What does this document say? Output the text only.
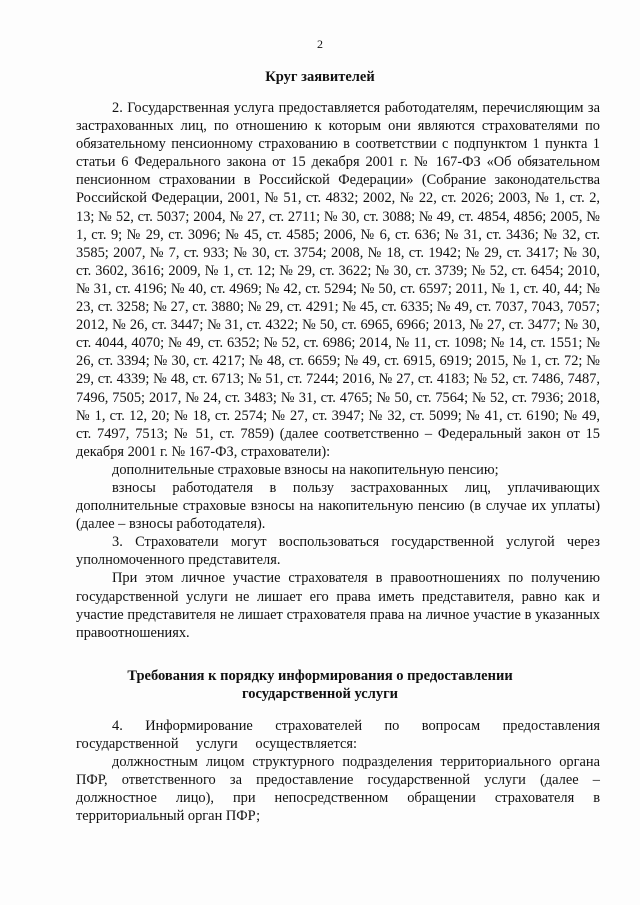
2
Круг заявителей

2. Государственная услуга предоставляется работодателям, перечисляющим за застрахованных лиц, по отношению к которым они являются страхователями по обязательному пенсионному страхованию в соответствии с подпунктом 1 пункта 1 статьи 6 Федерального закона от 15 декабря 2001 г. № 167-ФЗ «Об обязательном пенсионном страховании в Российской Федерации» (Собрание законодательства Российской Федерации, 2001, № 51, ст. 4832; 2002, № 22, ст. 2026; 2003, № 1, ст. 2, 13; № 52, ст. 5037; 2004, № 27, ст. 2711; № 30, ст. 3088; № 49, ст. 4854, 4856; 2005, № 1, ст. 9; № 29, ст. 3096; № 45, ст. 4585; 2006, № 6, ст. 636; № 31, ст. 3436; № 32, ст. 3585; 2007, № 7, ст. 933; № 30, ст. 3754; 2008, № 18, ст. 1942; № 29, ст. 3417; № 30, ст. 3602, 3616; 2009, № 1, ст. 12; № 29, ст. 3622; № 30, ст. 3739; № 52, ст. 6454; 2010, № 31, ст. 4196; № 40, ст. 4969; № 42, ст. 5294; № 50, ст. 6597; 2011, № 1, ст. 40, 44; № 23, ст. 3258; № 27, ст. 3880; № 29, ст. 4291; № 45, ст. 6335; № 49, ст. 7037, 7043, 7057; 2012, № 26, ст. 3447; № 31, ст. 4322; № 50, ст. 6965, 6966; 2013, № 27, ст. 3477; № 30, ст. 4044, 4070; № 49, ст. 6352; № 52, ст. 6986; 2014, № 11, ст. 1098; № 14, ст. 1551; № 26, ст. 3394; № 30, ст. 4217; № 48, ст. 6659; № 49, ст. 6915, 6919; 2015, № 1, ст. 72; № 29, ст. 4339; № 48, ст. 6713; № 51, ст. 7244; 2016, № 27, ст. 4183; № 52, ст. 7486, 7487, 7496, 7505; 2017, № 24, ст. 3483; № 31, ст. 4765; № 50, ст. 7564; № 52, ст. 7936; 2018, № 1, ст. 12, 20; № 18, ст. 2574; № 27, ст. 3947; № 32, ст. 5099; № 41, ст. 6190; № 49, ст. 7497, 7513; № 51, ст. 7859) (далее соответственно – Федеральный закон от 15 декабря 2001 г. № 167-ФЗ, страхователи):

дополнительные страховые взносы на накопительную пенсию;

взносы работодателя в пользу застрахованных лиц, уплачивающих дополнительные страховые взносы на накопительную пенсию (в случае их уплаты) (далее – взносы работодателя).

3. Страхователи могут воспользоваться государственной услугой через уполномоченного представителя.

При этом личное участие страхователя в правоотношениях по получению государственной услуги не лишает его права иметь представителя, равно как и участие представителя не лишает страхователя права на личное участие в указанных правоотношениях.

Требования к порядку информирования о предоставлении
государственной услуги

4. Информирование страхователей по вопросам предоставления государственной услуги осуществляется:

должностным лицом структурного подразделения территориального органа ПФР, ответственного за предоставление государственной услуги (далее – должностное лицо), при непосредственном обращении страхователя в территориальный орган ПФР;
